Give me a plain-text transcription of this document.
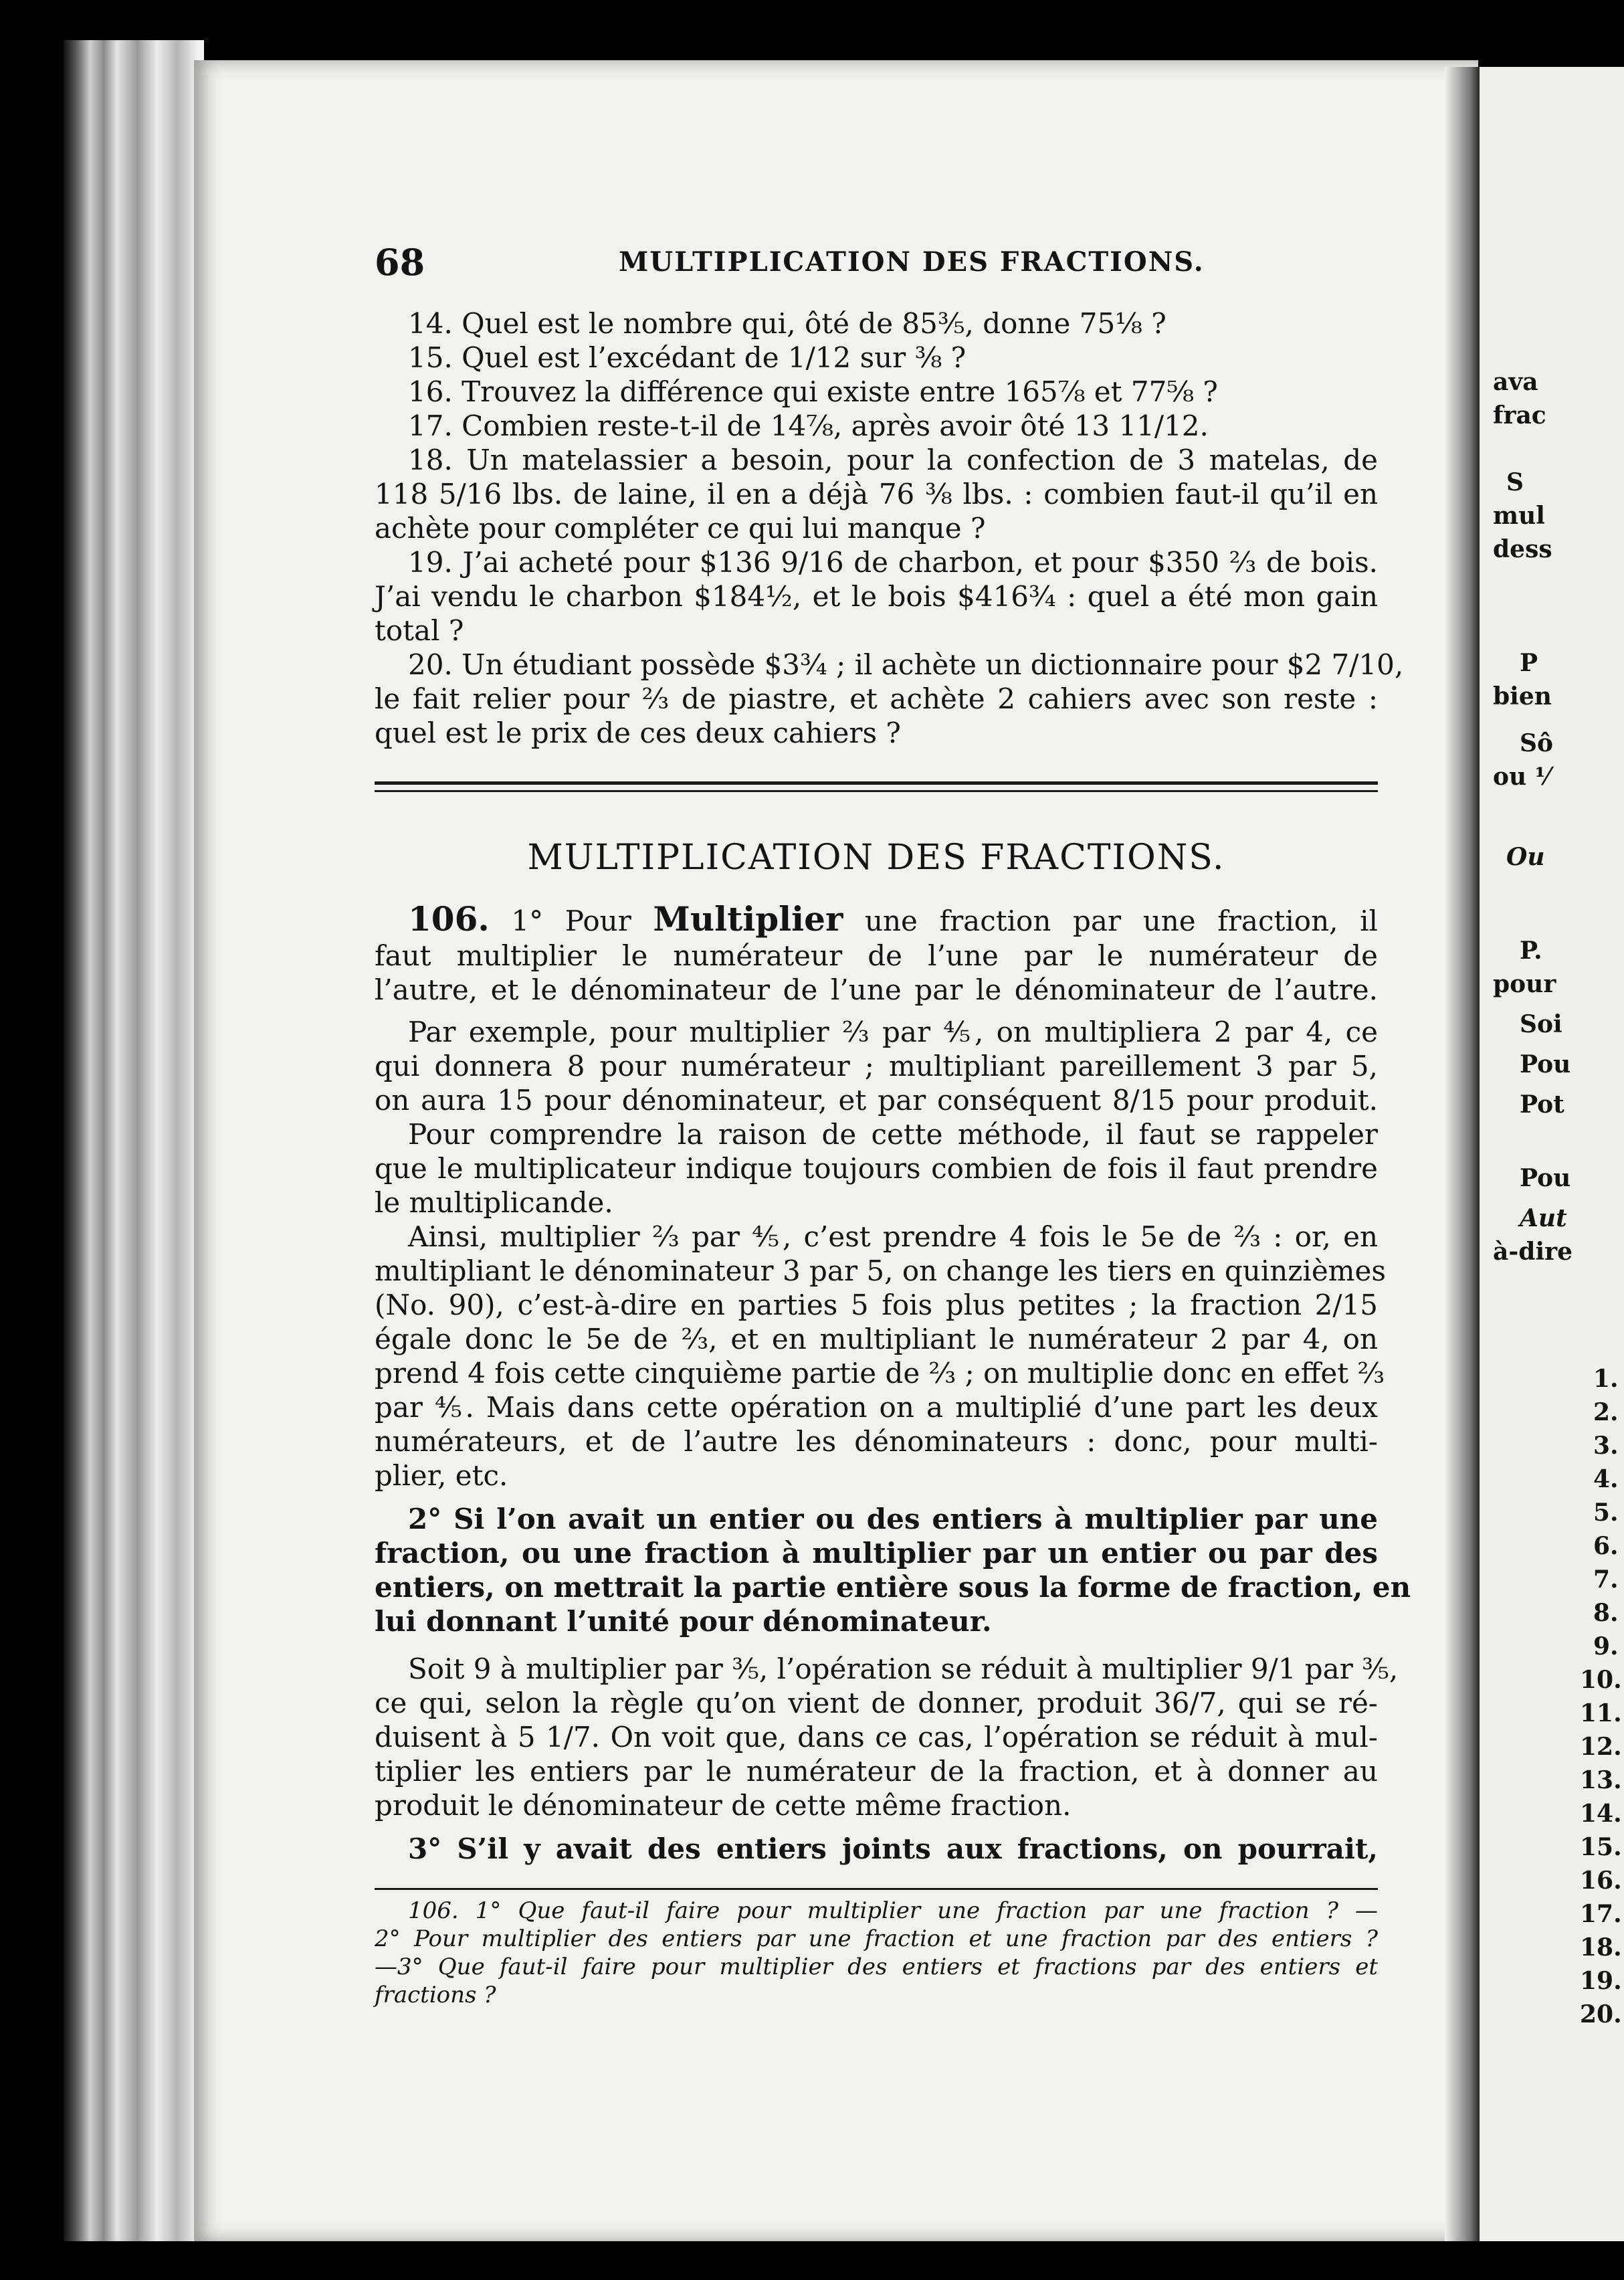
ava
frac
S
mul
dess
P
bien
Sô
ou ¹⁄
Ou
P.
pour
Soi
Pou
Pot
Pou
Aut
à-dire
1.
2.
3.
4.
5.
6.
7.
8.
9.
10.
11.
12.
13.
14.
15.
16.
17.
18.
19.
20.
68	MULTIPLICATION DES FRACTIONS.
14. Quel est le nombre qui, ôté de 85⅗, donne 75⅛ ?
15. Quel est l’excédant de 1/12 sur ⅜ ?
16. Trouvez la différence qui existe entre 165⅞ et 77⅝ ?
17. Combien reste-t-il de 14⅞, après avoir ôté 13 11/12.
18. Un matelassier a besoin, pour la confection de 3 matelas, de
118 5/16 lbs. de laine, il en a déjà 76 ⅜ lbs. : combien faut-il qu’il en
achète pour compléter ce qui lui manque ?
19. J’ai acheté pour $136 9/16 de charbon, et pour $350 ⅔ de bois.
J’ai vendu le charbon $184½, et le bois $416¾ : quel a été mon gain
total ?
20. Un étudiant possède $3¾ ; il achète un dictionnaire pour $2 7/10,
le fait relier pour ⅔ de piastre, et achète 2 cahiers avec son reste :
quel est le prix de ces deux cahiers ?
MULTIPLICATION DES FRACTIONS.
106. 1° Pour Multiplier une fraction par une fraction, il
faut multiplier le numérateur de l’une par le numérateur de
l’autre, et le dénominateur de l’une par le dénominateur de l’autre.
Par exemple, pour multiplier ⅔ par ⅘, on multipliera 2 par 4, ce
qui donnera 8 pour numérateur ; multipliant pareillement 3 par 5,
on aura 15 pour dénominateur, et par conséquent 8/15 pour produit.
Pour comprendre la raison de cette méthode, il faut se rappeler
que le multiplicateur indique toujours combien de fois il faut prendre
le multiplicande.
Ainsi, multiplier ⅔ par ⅘, c’est prendre 4 fois le 5e de ⅔ : or, en
multipliant le dénominateur 3 par 5, on change les tiers en quinzièmes
(No. 90), c’est-à-dire en parties 5 fois plus petites ; la fraction 2/15
égale donc le 5e de ⅔, et en multipliant le numérateur 2 par 4, on
prend 4 fois cette cinquième partie de ⅔ ; on multiplie donc en effet ⅔
par ⅘. Mais dans cette opération on a multiplié d’une part les deux
numérateurs, et de l’autre les dénominateurs : donc, pour multi-
plier, etc.
2° Si l’on avait un entier ou des entiers à multiplier par une
fraction, ou une fraction à multiplier par un entier ou par des
entiers, on mettrait la partie entière sous la forme de fraction, en
lui donnant l’unité pour dénominateur.
Soit 9 à multiplier par ⅗, l’opération se réduit à multiplier 9/1 par ⅗,
ce qui, selon la règle qu’on vient de donner, produit 36/7, qui se ré-
duisent à 5 1/7. On voit que, dans ce cas, l’opération se réduit à mul-
tiplier les entiers par le numérateur de la fraction, et à donner au
produit le dénominateur de cette même fraction.
3° S’il y avait des entiers joints aux fractions, on pourrait,
106. 1° Que faut-il faire pour multiplier une fraction par une fraction ? —
2° Pour multiplier des entiers par une fraction et une fraction par des entiers ?
—3° Que faut-il faire pour multiplier des entiers et fractions par des entiers et
fractions ?
